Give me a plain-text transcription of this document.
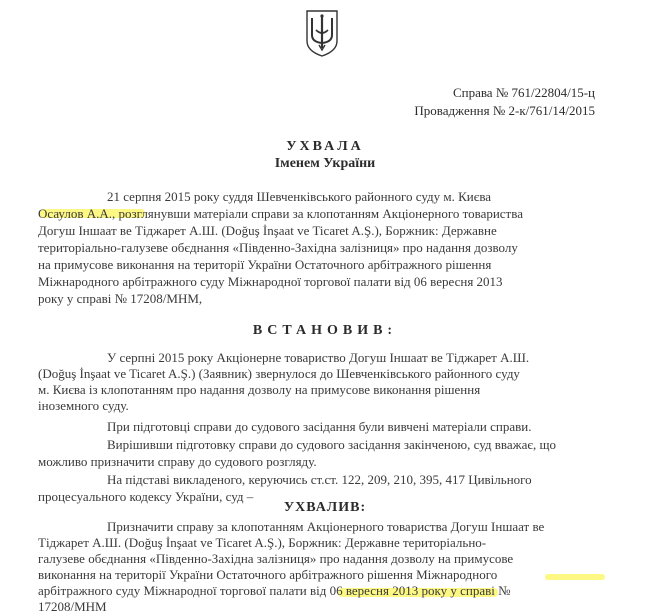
Справа № 761/22804/15-ц
Провадження № 2-к/761/14/2015
УХВАЛА
Іменем України
21 серпня 2015 року суддя Шевченківського районного суду м. Києва
Осаулов А.А., розглянувши матеріали справи за клопотанням Акціонерного товариства
Догуш Іншаат ве Тіджарет А.Ш. (Doğuş İnşaat ve Ticaret A.Ş.), Боржник: Державне
територіально-галузеве обєднання «Південно-Західна залізниця» про надання дозволу
на примусове виконання на території України Остаточного арбітражного рішення
Міжнародного арбітражного суду Міжнародної торгової палати від 06 вересня 2013
року у справі № 17208/МНМ,
ВСТАНОВИВ:
У серпні 2015 року Акціонерне товариство Догуш Іншаат ве Тіджарет А.Ш.
(Doğuş İnşaat ve Ticaret A.Ş.) (Заявник) звернулося до Шевченківського районного суду
м. Києва із клопотанням про надання дозволу на примусове виконання рішення
іноземного суду.
При підготовці справи до судового засідання були вивчені матеріали справи.
Вирішивши підготовку справи до судового засідання закінченою, суд вважає, що
можливо призначити справу до судового розгляду.
На підставі викладеного, керуючись ст.ст. 122, 209, 210, 395, 417 Цивільного
процесуального кодексу України, суд –
УХВАЛИВ:
Призначити справу за клопотанням Акціонерного товариства Догуш Іншаат ве
Тіджарет А.Ш. (Doğuş İnşaat ve Ticaret A.Ş.), Боржник: Державне територіально-
галузеве обєднання «Південно-Західна залізниця» про надання дозволу на примусове
виконання на території України Остаточного арбітражного рішення Міжнародного
арбітражного суду Міжнародної торгової палати від 06 вересня 2013 року у справі №
17208/МНМ
